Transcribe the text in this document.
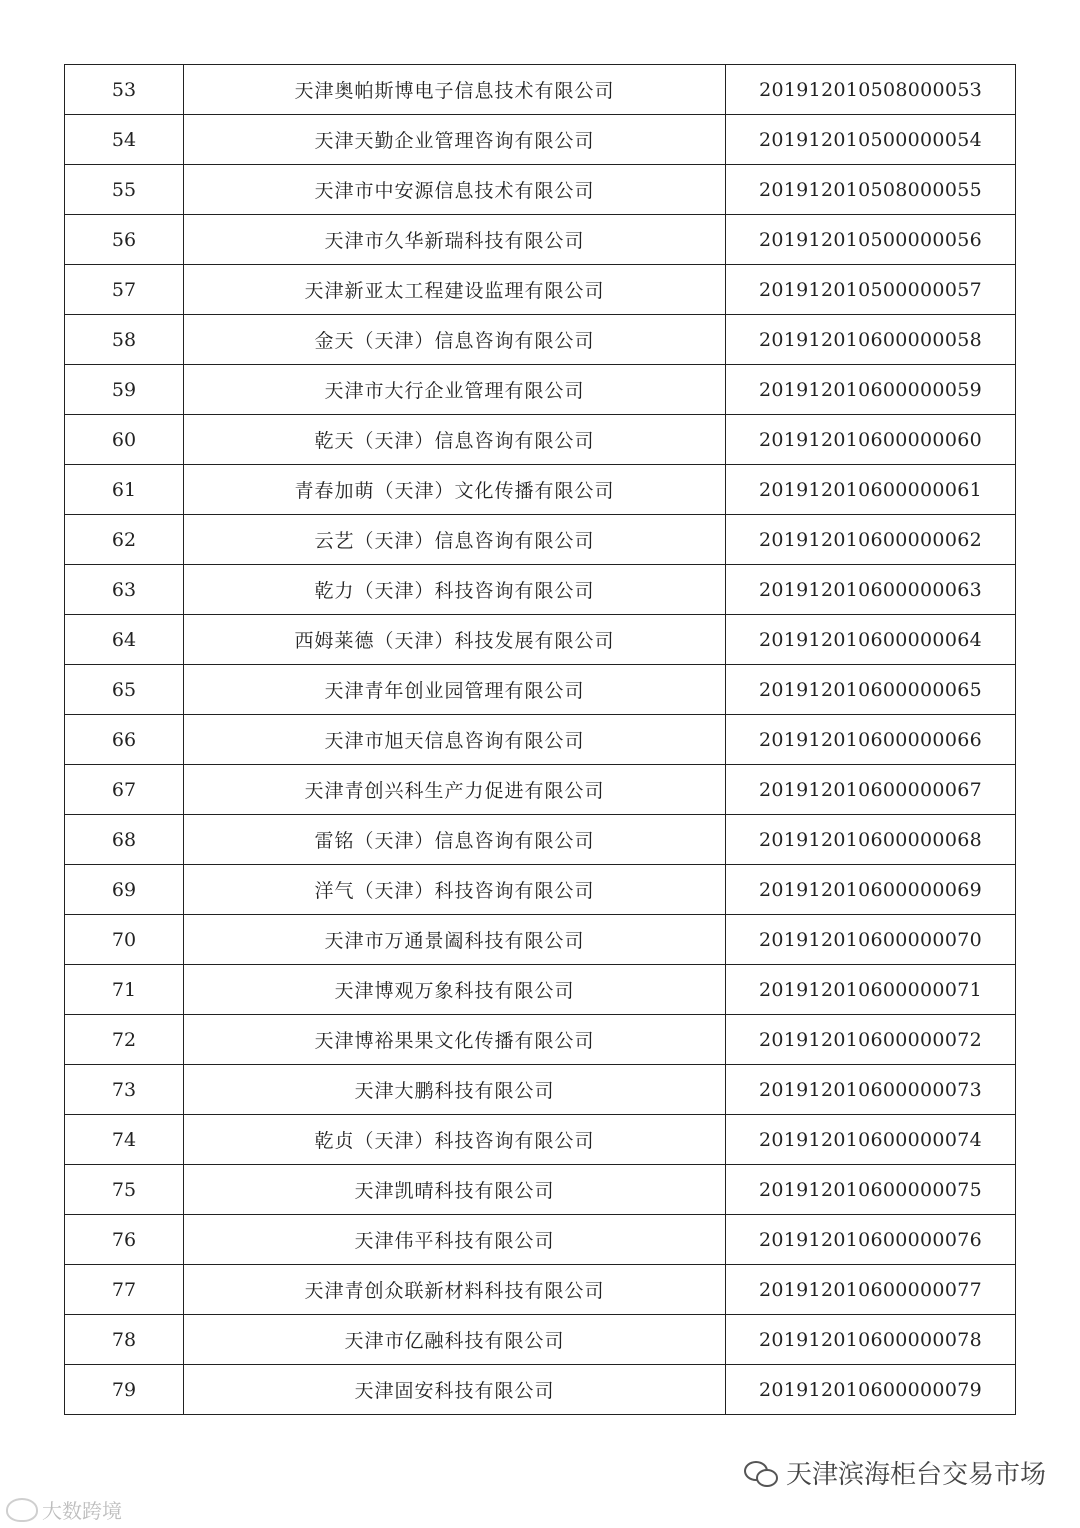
53	天津奥帕斯博电子信息技术有限公司	20191201050800005З
54	天津天勤企业管理咨询有限公司	201912010500000054
55	天津市中安源信息技术有限公司	201912010508000055
56	天津市久华新瑞科技有限公司	201912010500000056
57	天津新亚太工程建设监理有限公司	201912010500000057
58	金天（天津）信息咨询有限公司	201912010600000058
59	天津市大行企业管理有限公司	201912010600000059
60	乾天（天津）信息咨询有限公司	201912010600000060
61	青春加萌（天津）文化传播有限公司	201912010600000061
62	云艺（天津）信息咨询有限公司	201912010600000062
63	乾力（天津）科技咨询有限公司	201912010600000063
64	西姆莱德（天津）科技发展有限公司	201912010600000064
65	天津青年创业园管理有限公司	201912010600000065
66	天津市旭天信息咨询有限公司	201912010600000066
67	天津青创兴科生产力促进有限公司	201912010600000067
68	雷铭（天津）信息咨询有限公司	201912010600000068
69	洋气（天津）科技咨询有限公司	201912010600000069
70	天津市万通景阖科技有限公司	201912010600000070
71	天津博观万象科技有限公司	201912010600000071
72	天津博裕果果文化传播有限公司	201912010600000072
73	天津大鹏科技有限公司	201912010600000073
74	乾贞（天津）科技咨询有限公司	201912010600000074
75	天津凯晴科技有限公司	201912010600000075
76	天津伟平科技有限公司	201912010600000076
77	天津青创众联新材料科技有限公司	201912010600000077
78	天津市亿融科技有限公司	201912010600000078
79	天津固安科技有限公司	201912010600000079
天津滨海柜台交易市场
大数跨境
